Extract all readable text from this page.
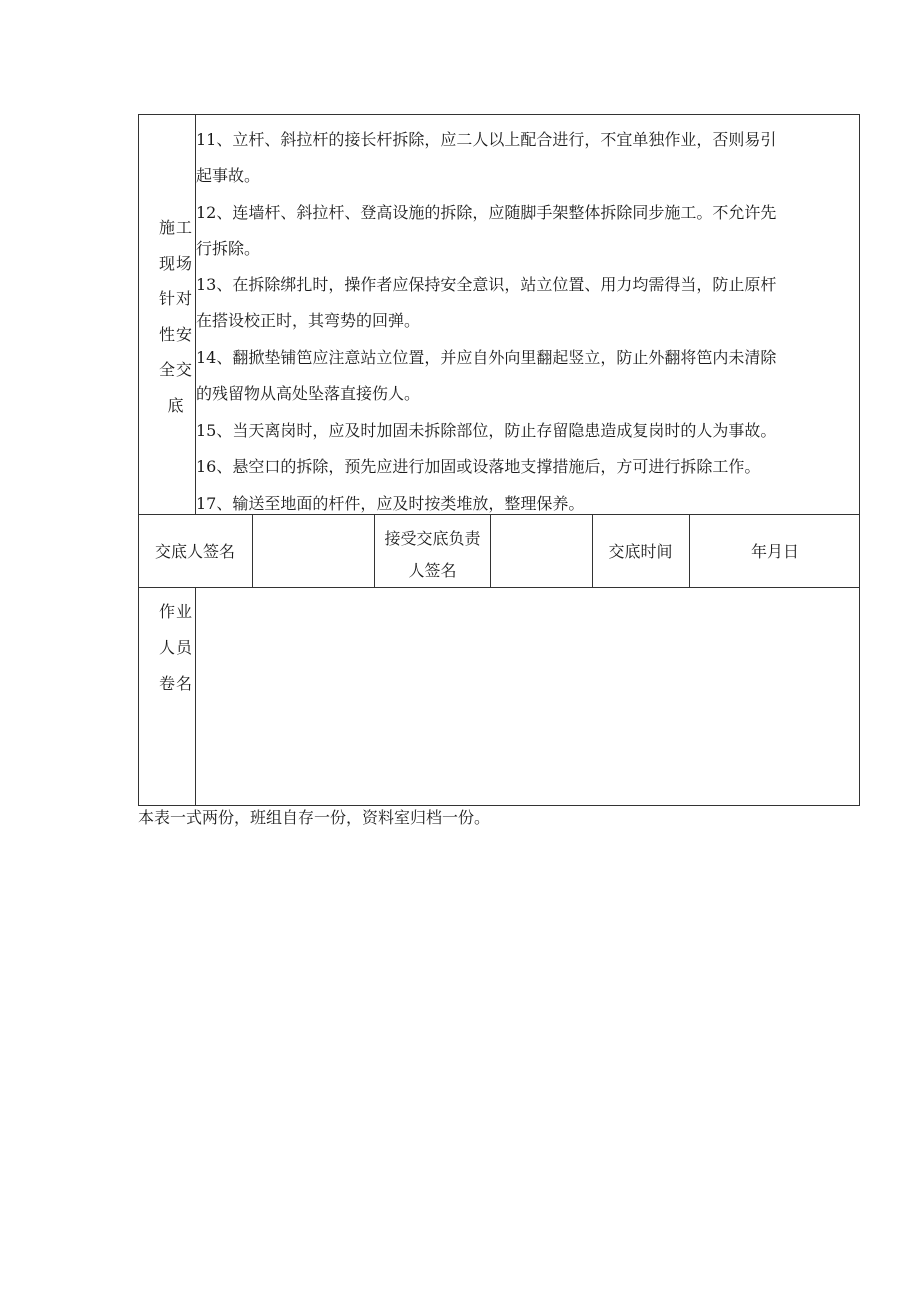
施工
现场
针对
性安
全交
底
11、立杆、斜拉杆的接长杆拆除，应二人以上配合进行，不宜单独作业，否则易引
起事故。
12、连墙杆、斜拉杆、登高设施的拆除，应随脚手架整体拆除同步施工。不允许先
行拆除。
13、在拆除绑扎时，操作者应保持安全意识，站立位置、用力均需得当，防止原杆
在搭设校正时，其弯势的回弹。
14、翻掀垫铺笆应注意站立位置，并应自外向里翻起竖立，防止外翻将笆内未清除
的残留物从高处坠落直接伤人。
15、当天离岗时，应及时加固未拆除部位，防止存留隐患造成复岗时的人为事故。
16、悬空口的拆除，预先应进行加固或设落地支撑措施后，方可进行拆除工作。
17、输送至地面的杆件，应及时按类堆放，整理保养。
交底人签名
接受交底负责
人签名
交底时间	年月日
作业
人员
卷名
本表一式两份，班组自存一份，资料室归档一份。
